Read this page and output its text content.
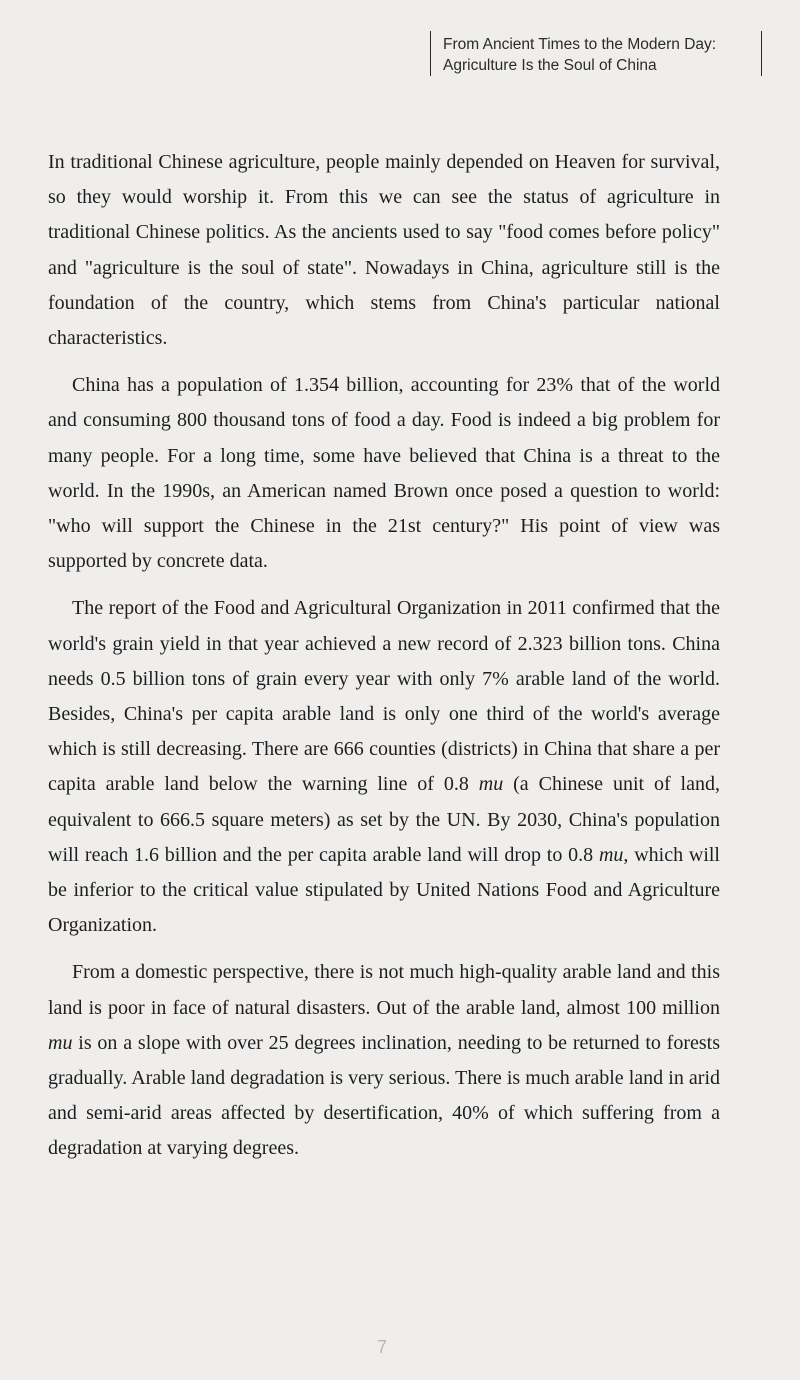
From Ancient Times to the Modern Day:
Agriculture Is the Soul of China

In traditional Chinese agriculture, people mainly depended on Heaven for survival, so they would worship it. From this we can see the status of agriculture in traditional Chinese politics. As the ancients used to say "food comes before policy" and "agriculture is the soul of state". Nowadays in China, agriculture still is the foundation of the country, which stems from China's particular national characteristics.

China has a population of 1.354 billion, accounting for 23% that of the world and consuming 800 thousand tons of food a day. Food is indeed a big problem for many people. For a long time, some have believed that China is a threat to the world. In the 1990s, an American named Brown once posed a question to world: "who will support the Chinese in the 21st century?" His point of view was supported by concrete data.

The report of the Food and Agricultural Organization in 2011 confirmed that the world's grain yield in that year achieved a new record of 2.323 billion tons. China needs 0.5 billion tons of grain every year with only 7% arable land of the world. Besides, China's per capita arable land is only one third of the world's average which is still decreasing. There are 666 counties (districts) in China that share a per capita arable land below the warning line of 0.8 mu (a Chinese unit of land, equivalent to 666.5 square meters) as set by the UN. By 2030, China's population will reach 1.6 billion and the per capita arable land will drop to 0.8 mu, which will be inferior to the critical value stipulated by United Nations Food and Agriculture Organization.

From a domestic perspective, there is not much high-quality arable land and this land is poor in face of natural disasters. Out of the arable land, almost 100 million mu is on a slope with over 25 degrees inclination, needing to be returned to forests gradually. Arable land degradation is very serious. There is much arable land in arid and semi-arid areas affected by desertification, 40% of which suffering from a degradation at varying degrees.

7
